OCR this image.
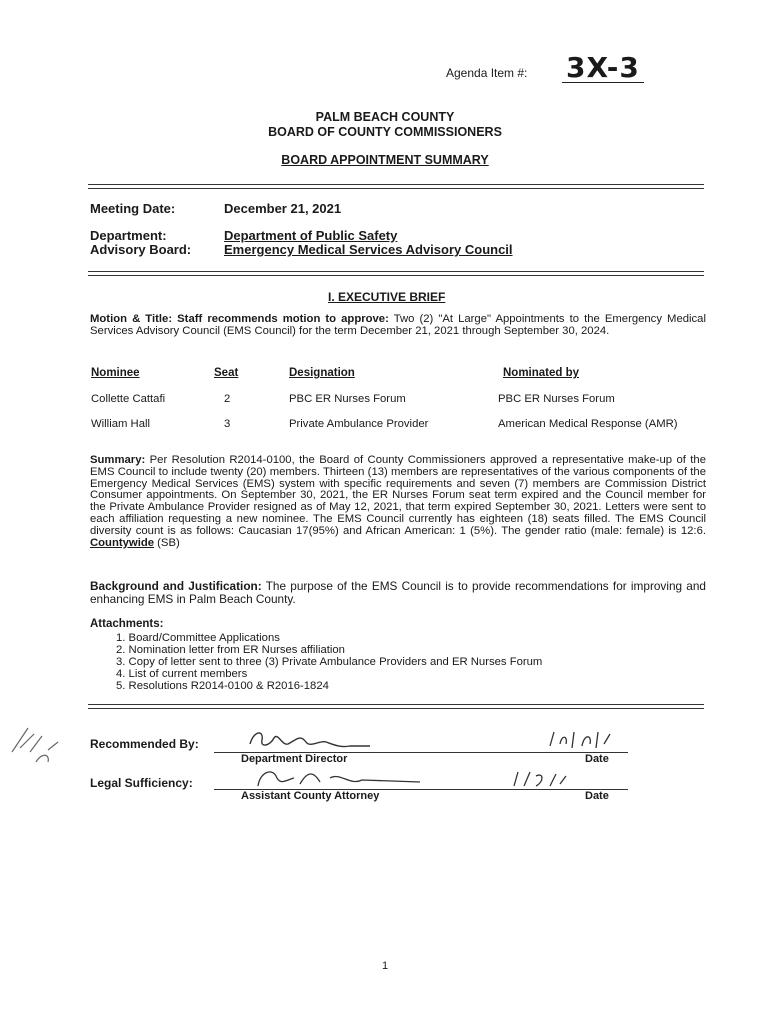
Agenda Item #: 3X-3
PALM BEACH COUNTY
BOARD OF COUNTY COMMISSIONERS
BOARD APPOINTMENT SUMMARY
Meeting Date:	December 21, 2021
Department:	Department of Public Safety
Advisory Board:	Emergency Medical Services Advisory Council
I. EXECUTIVE BRIEF
Motion & Title: Staff recommends motion to approve: Two (2) "At Large" Appointments to the Emergency Medical Services Advisory Council (EMS Council) for the term December 21, 2021 through September 30, 2024.
Nominee	Seat	Designation	Nominated by
Collette Cattafi	2	PBC ER Nurses Forum	PBC ER Nurses Forum
William Hall	3	Private Ambulance Provider	American Medical Response (AMR)
Summary: Per Resolution R2014-0100, the Board of County Commissioners approved a representative make-up of the EMS Council to include twenty (20) members. Thirteen (13) members are representatives of the various components of the Emergency Medical Services (EMS) system with specific requirements and seven (7) members are Commission District Consumer appointments. On September 30, 2021, the ER Nurses Forum seat term expired and the Council member for the Private Ambulance Provider resigned as of May 12, 2021, that term expired September 30, 2021. Letters were sent to each affiliation requesting a new nominee. The EMS Council currently has eighteen (18) seats filled. The EMS Council diversity count is as follows: Caucasian 17(95%) and African American: 1 (5%). The gender ratio (male: female) is 12:6. Countywide (SB)
Background and Justification: The purpose of the EMS Council is to provide recommendations for improving and enhancing EMS in Palm Beach County.
Attachments:
1. Board/Committee Applications
2. Nomination letter from ER Nurses affiliation
3. Copy of letter sent to three (3) Private Ambulance Providers and ER Nurses Forum
4. List of current members
5. Resolutions R2014-0100 & R2016-1824
Recommended By:
Department Director	Date
Legal Sufficiency:
Assistant County Attorney	Date
1
